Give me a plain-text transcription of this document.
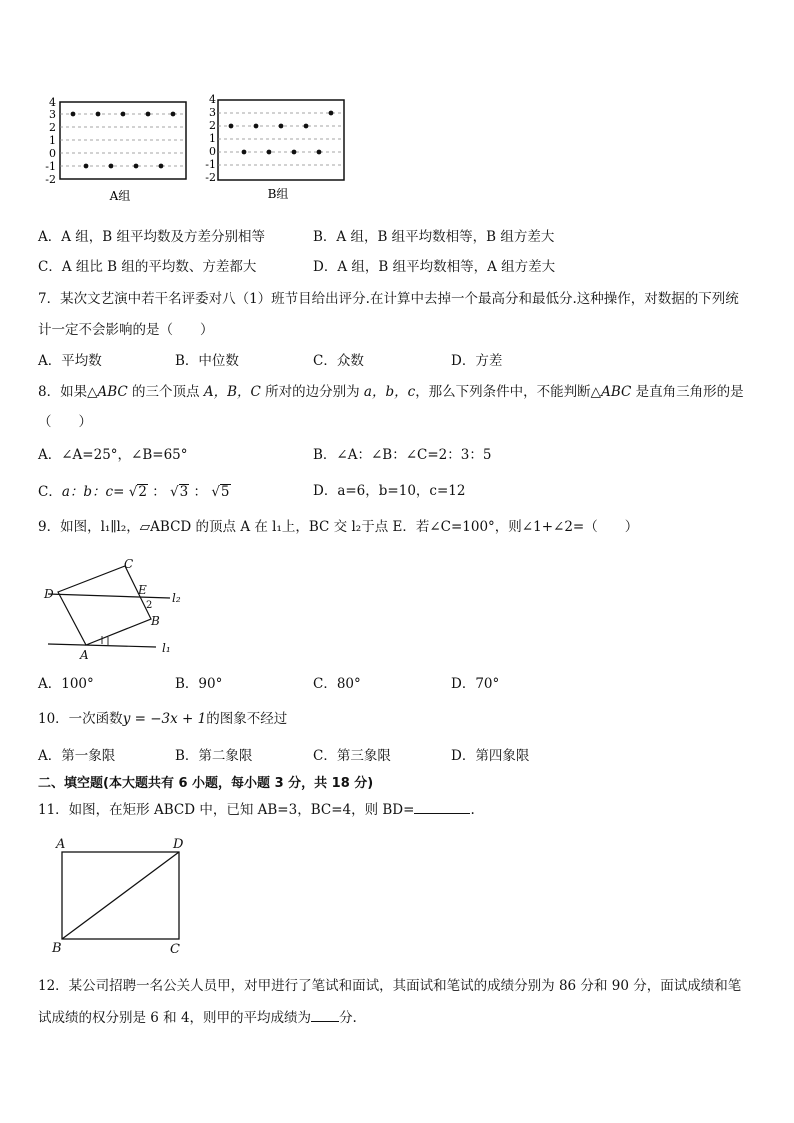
4
3
2
1
0
-1
-2
A组
4
3
2
1
0
-1
-2
B组
A．A 组，B 组平均数及方差分别相等	B．A 组，B 组平均数相等，B 组方差大
C．A 组比 B 组的平均数、方差都大	D．A 组，B 组平均数相等，A 组方差大
7．某次文艺演中若干名评委对八（1）班节目给出评分.在计算中去掉一个最高分和最低分.这种操作，对数据的下列统
计一定不会影响的是（　　）
A．平均数	B．中位数	C．众数	D．方差
8．如果△ABC 的三个顶点 A，B，C 所对的边分别为 a，b，c，那么下列条件中，不能判断△ABC 是直角三角形的是
（　　）
A．∠A=25°，∠B=65°	B．∠A：∠B：∠C=2：3：5
C．a：b：c= √2 ： √3 ： √5	D．a=6，b=10，c=12
9．如图，l₁∥l₂，▱ABCD 的顶点 A 在 l₁上，BC 交 l₂于点 E．若∠C=100°，则∠1+∠2=（　　）
C
D	E
2
l₂
B
A	l₁
A．100°	B．90°	C．80°	D．70°
10．一次函数y = −3x + 1的图象不经过
A．第一象限	B．第二象限	C．第三象限	D．第四象限
二、填空题(本大题共有 6 小题，每小题 3 分，共 18 分)
11．如图，在矩形 ABCD 中，已知 AB=3，BC=4，则 BD=	.
A	D
B	C
12．某公司招聘一名公关人员甲，对甲进行了笔试和面试，其面试和笔试的成绩分别为 86 分和 90 分，面试成绩和笔
试成绩的权分别是 6 和 4，则甲的平均成绩为 分.
